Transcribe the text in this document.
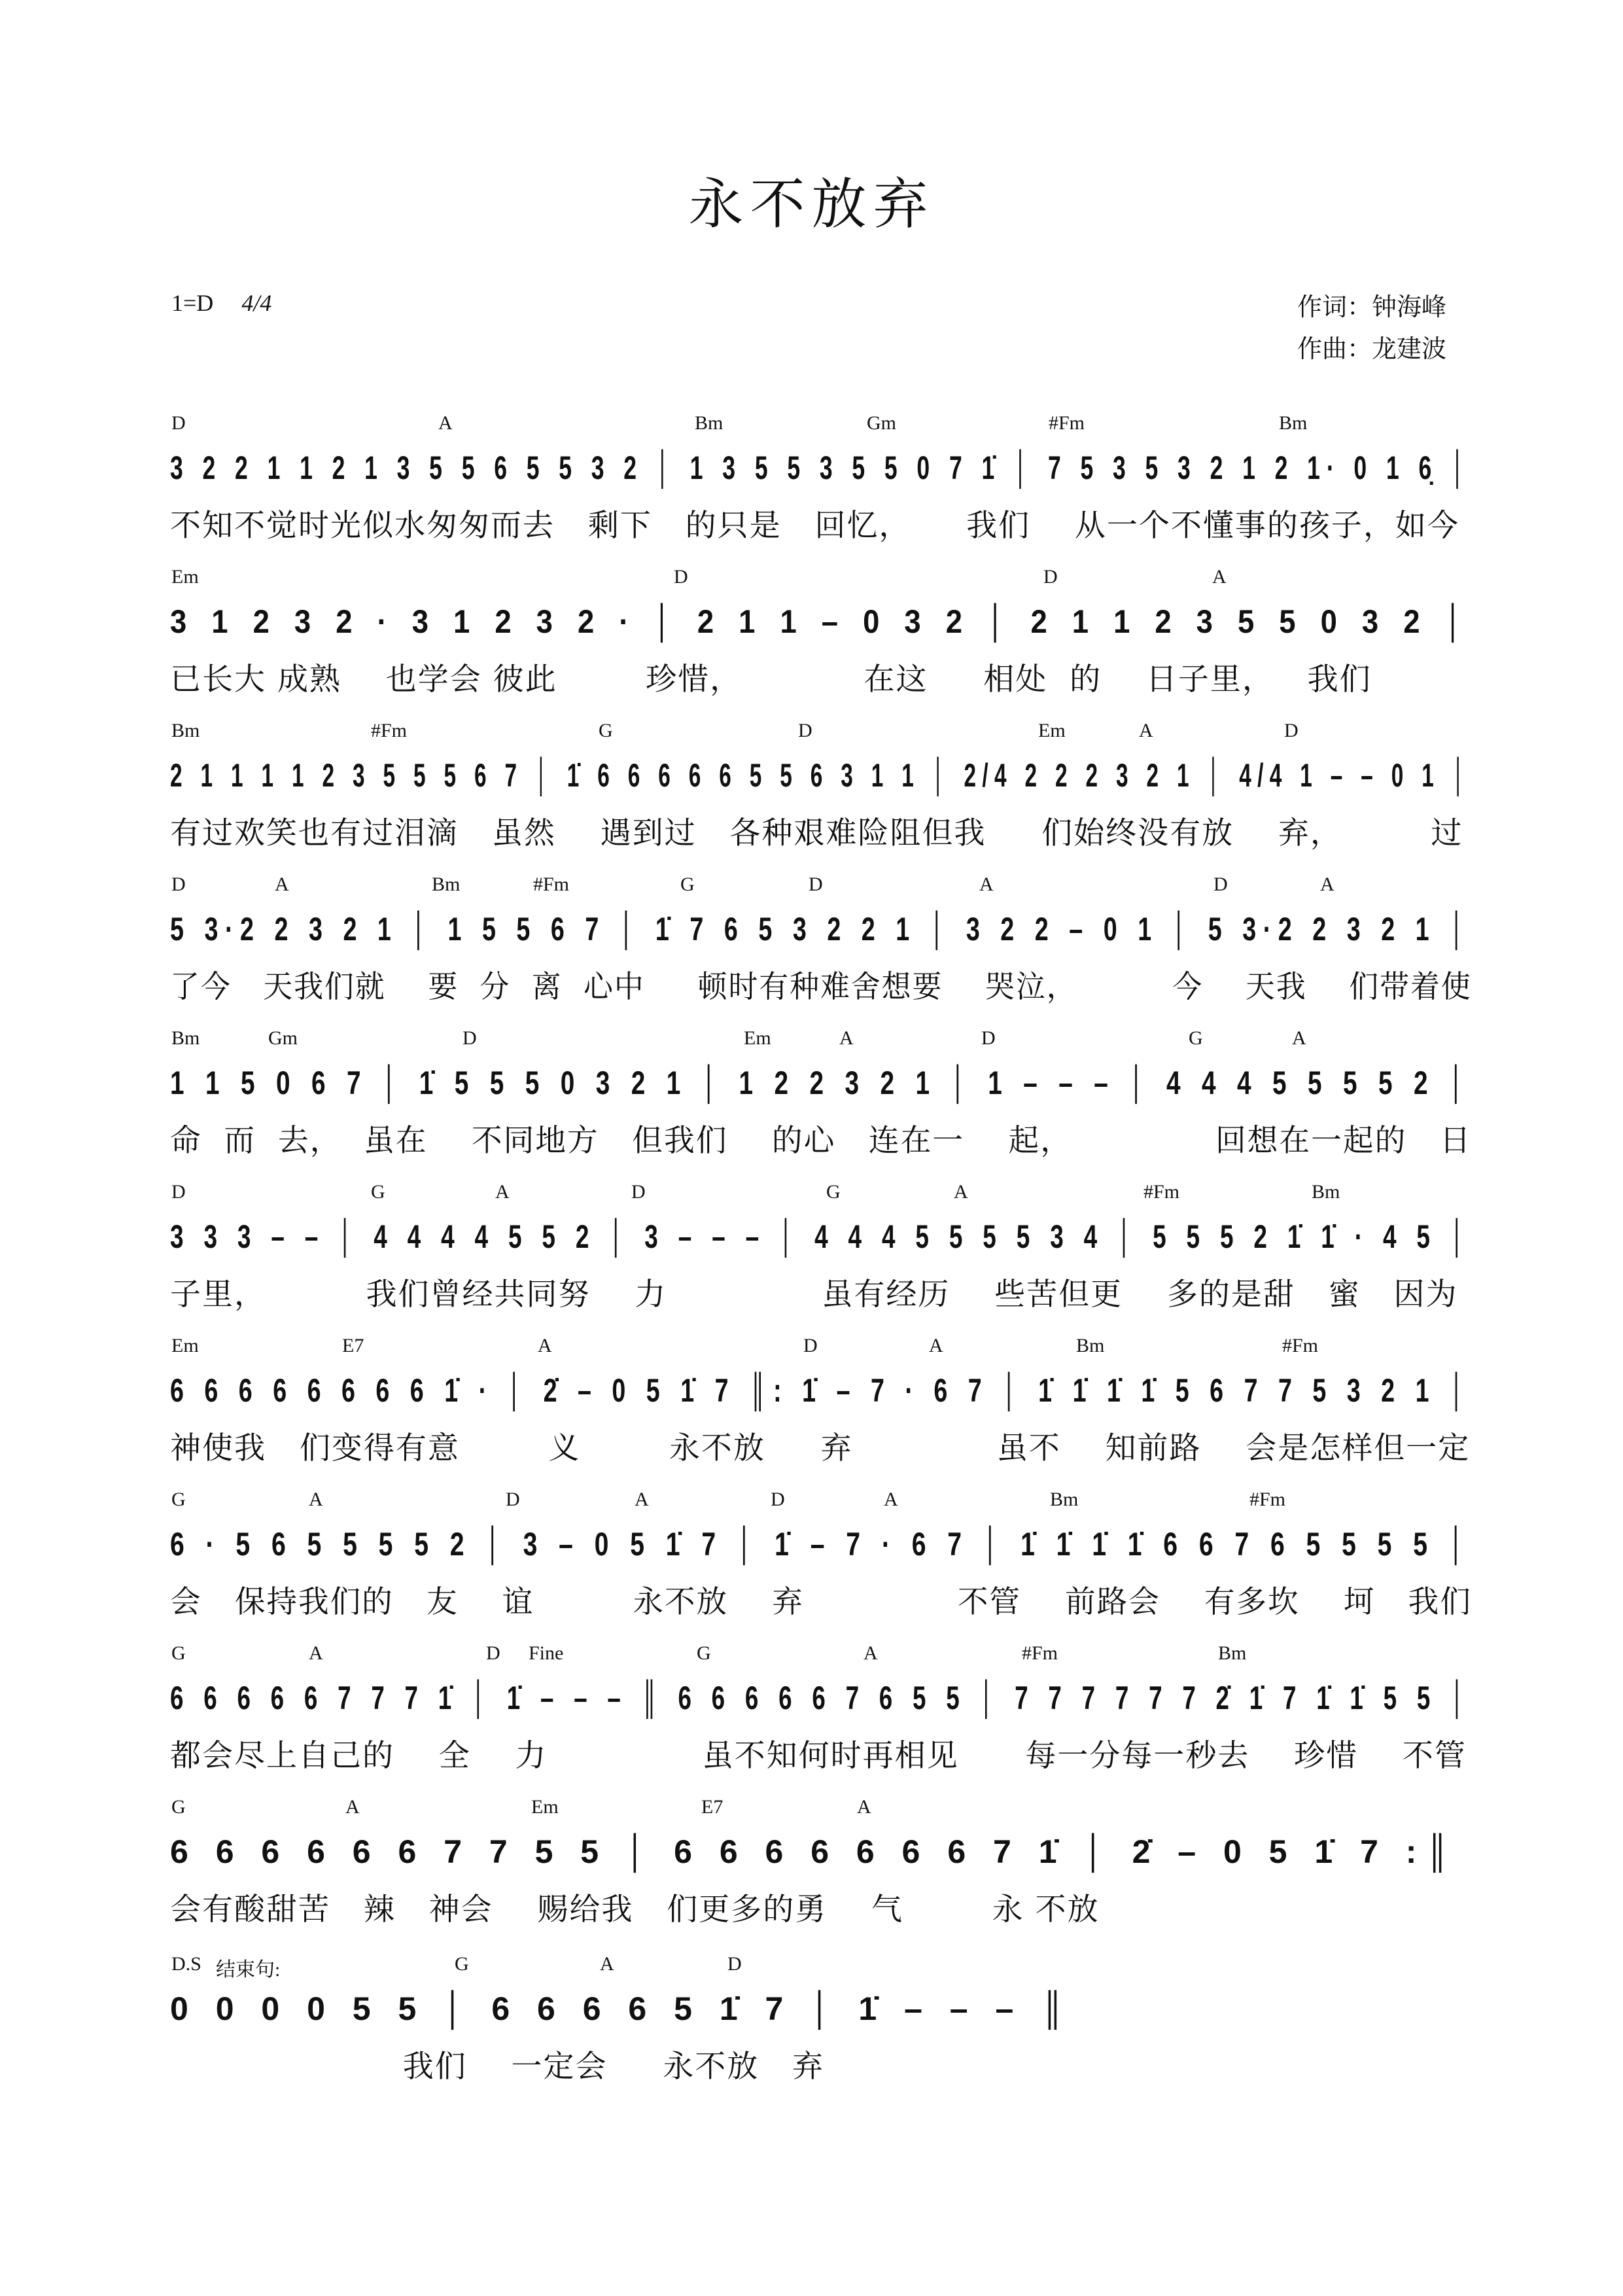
永不放弃
1=D 4/4	作词：钟海峰
作曲：龙建波
D	A	Bm	Gm	#Fm	Bm
3 2 2 1 1 2 1 3 5 5 6 5 5 3 2 │ 1 3 5 5 3 5 5 0 7 1̇ │ 7 5 3 5 3 2 1 2 1· 0 1 6̣ │
不知不觉时光似水匆匆而去   剩下   的只是   回忆，     我们    从一个不懂事的孩子，如今
Em	D	D	A
3 1 2 3 2 · 3 1 2 3 2 · │ 2 1 1 – 0 3 2 │ 2 1 1 2 3 5 5 0 3 2 │
已长大 成熟    也学会 彼此        珍惜，           在这     相处  的    日子里，   我们
Bm	#Fm	G	D	Em	A	D
2 1 1 1 1 2 3 5 5 5 6 7 │ 1̇ 6 6 6 6 6 5 5 6 3 1 1 │ 2/4 2 2 2 3 2 1 │ 4/4 1 – – 0 1 │
有过欢笑也有过泪滴   虽然    遇到过   各种艰难险阻但我     们始终没有放    弃，        过
D	A	Bm	#Fm	G	D	A	D	A
5 3·2 2 3 2 1 │ 1 5 5 6 7 │ 1̇ 7 6 5 3 2 2 1 │ 3 2 2 – 0 1 │ 5 3·2 2 3 2 1 │
了今   天我们就    要  分  离  心中     顿时有种难舍想要    哭泣，         今    天我    们带着使
Bm	Gm	D	Em	A	D	G	A
1 1 5 0 6 7 │ 1̇ 5 5 5 0 3 2 1 │ 1 2 2 3 2 1 │ 1 – – – │ 4 4 4 5 5 5 5 2 │
命  而  去，  虽在    不同地方   但我们    的心   连在一    起，             回想在一起的   日
D	G	A	D	G	A	#Fm	Bm
3 3 3 – – │ 4 4 4 4 5 5 2 │ 3 – – – │ 4 4 4 5 5 5 5 3 4 │ 5 5 5 2 1̇ 1̇ · 4 5 │
子里，         我们曾经共同努    力              虽有经历    些苦但更    多的是甜   蜜   因为
Em	E7	A	D	A	Bm	#Fm
6 6 6 6 6 6 6 6 1̇ · │ 2̇ – 0 5 1̇ 7 ║: 1̇ – 7 · 6 7 │ 1̇ 1̇ 1̇ 1̇ 5 6 7 7 5 3 2 1 │
神使我   们变得有意        义        永不放     弃             虽不    知前路    会是怎样但一定
G	A	D	A	D	A	Bm	#Fm
6 · 5 6 5 5 5 5 2 │ 3 – 0 5 1̇ 7 │ 1̇ – 7 · 6 7 │ 1̇ 1̇ 1̇ 1̇ 6 6 7 6 5 5 5 5 │
会   保持我们的   友    谊         永不放    弃              不管    前路会    有多坎    坷   我们
G	A	D Fine	G	A	#Fm	Bm
6 6 6 6 6 7 7 7 1̇ │ 1̇ – – – ║ 6 6 6 6 6 7 6 5 5 │ 7 7 7 7 7 7 2̇ 1̇ 7 1̇ 1̇ 5 5 │
都会尽上自己的    全    力              虽不知何时再相见      每一分每一秒去    珍惜    不管
G	A	Em	E7	A
6 6 6 6 6 6 7 7 5 5 │ 6 6 6 6 6 6 6 7 1̇ │ 2̇ – 0 5 1̇ 7 :║
会有酸甜苦   辣   神会    赐给我   们更多的勇    气        永 不放
D.S 结束句:	G	A	D
0 0 0 0 5 5 │ 6 6 6 6 5 1̇ 7 │ 1̇ – – – ║
我们    一定会     永不放   弃
